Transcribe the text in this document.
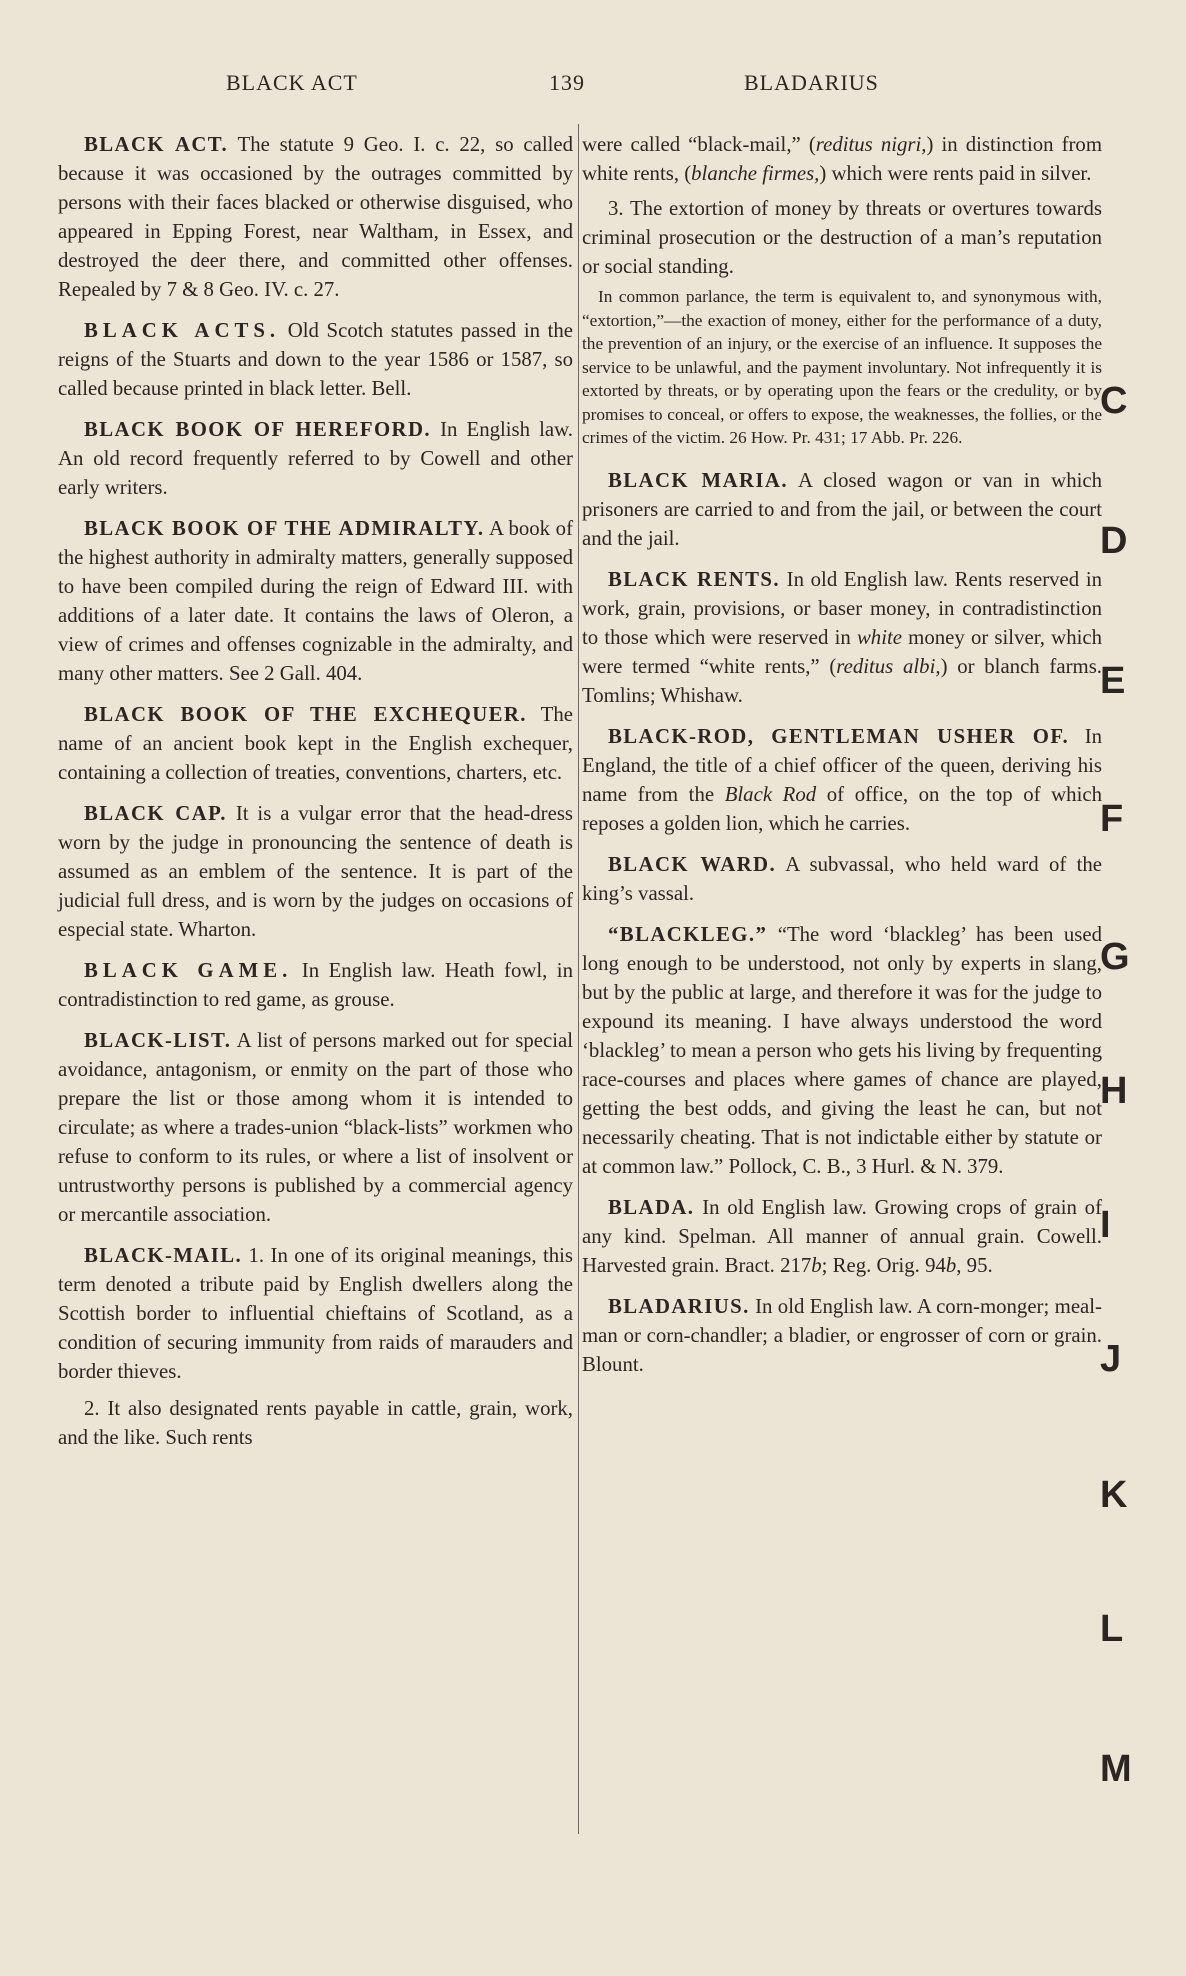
BLACK ACT	139	BLADARIUS

BLACK ACT. The statute 9 Geo. I. c. 22, so called because it was occasioned by the outrages committed by persons with their faces blacked or otherwise disguised, who appeared in Epping Forest, near Waltham, in Essex, and destroyed the deer there, and committed other offenses. Repealed by 7 & 8 Geo. IV. c. 27.

BLACK ACTS. Old Scotch statutes passed in the reigns of the Stuarts and down to the year 1586 or 1587, so called because printed in black letter. Bell.

BLACK BOOK OF HEREFORD. In English law. An old record frequently referred to by Cowell and other early writers.

BLACK BOOK OF THE ADMIRALTY. A book of the highest authority in admiralty matters, generally supposed to have been compiled during the reign of Edward III. with additions of a later date. It contains the laws of Oleron, a view of crimes and offenses cognizable in the admiralty, and many other matters. See 2 Gall. 404.

BLACK BOOK OF THE EXCHEQUER. The name of an ancient book kept in the English exchequer, containing a collection of treaties, conventions, charters, etc.

BLACK CAP. It is a vulgar error that the head-dress worn by the judge in pronouncing the sentence of death is assumed as an emblem of the sentence. It is part of the judicial full dress, and is worn by the judges on occasions of especial state. Wharton.

BLACK GAME. In English law. Heath fowl, in contradistinction to red game, as grouse.

BLACK-LIST. A list of persons marked out for special avoidance, antagonism, or enmity on the part of those who prepare the list or those among whom it is intended to circulate; as where a trades-union “black-lists” workmen who refuse to conform to its rules, or where a list of insolvent or untrustworthy persons is published by a commercial agency or mercantile association.

BLACK-MAIL. 1. In one of its original meanings, this term denoted a tribute paid by English dwellers along the Scottish border to influential chieftains of Scotland, as a condition of securing immunity from raids of marauders and border thieves.

2. It also designated rents payable in cattle, grain, work, and the like. Such rents

were called “black-mail,” (reditus nigri,) in distinction from white rents, (blanche firmes,) which were rents paid in silver.

3. The extortion of money by threats or overtures towards criminal prosecution or the destruction of a man’s reputation or social standing.

In common parlance, the term is equivalent to, and synonymous with, “extortion,”—the exaction of money, either for the performance of a duty, the prevention of an injury, or the exercise of an influence. It supposes the service to be unlawful, and the payment involuntary. Not infrequently it is extorted by threats, or by operating upon the fears or the credulity, or by promises to conceal, or offers to expose, the weaknesses, the follies, or the crimes of the victim. 26 How. Pr. 431; 17 Abb. Pr. 226.

BLACK MARIA. A closed wagon or van in which prisoners are carried to and from the jail, or between the court and the jail.

BLACK RENTS. In old English law. Rents reserved in work, grain, provisions, or baser money, in contradistinction to those which were reserved in white money or silver, which were termed “white rents,” (reditus albi,) or blanch farms. Tomlins; Whishaw.

BLACK-ROD, GENTLEMAN USHER OF. In England, the title of a chief officer of the queen, deriving his name from the Black Rod of office, on the top of which reposes a golden lion, which he carries.

BLACK WARD. A subvassal, who held ward of the king’s vassal.

“BLACKLEG.” “The word ‘blackleg’ has been used long enough to be understood, not only by experts in slang, but by the public at large, and therefore it was for the judge to expound its meaning. I have always understood the word ‘blackleg’ to mean a person who gets his living by frequenting race-courses and places where games of chance are played, getting the best odds, and giving the least he can, but not necessarily cheating. That is not indictable either by statute or at common law.” Pollock, C. B., 3 Hurl. & N. 379.

BLADA. In old English law. Growing crops of grain of any kind. Spelman. All manner of annual grain. Cowell. Harvested grain. Bract. 217b; Reg. Orig. 94b, 95.

BLADARIUS. In old English law. A corn-monger; meal-man or corn-chandler; a bladier, or engrosser of corn or grain. Blount.

C
D
E
F
G
H
I
J
K
L
M
